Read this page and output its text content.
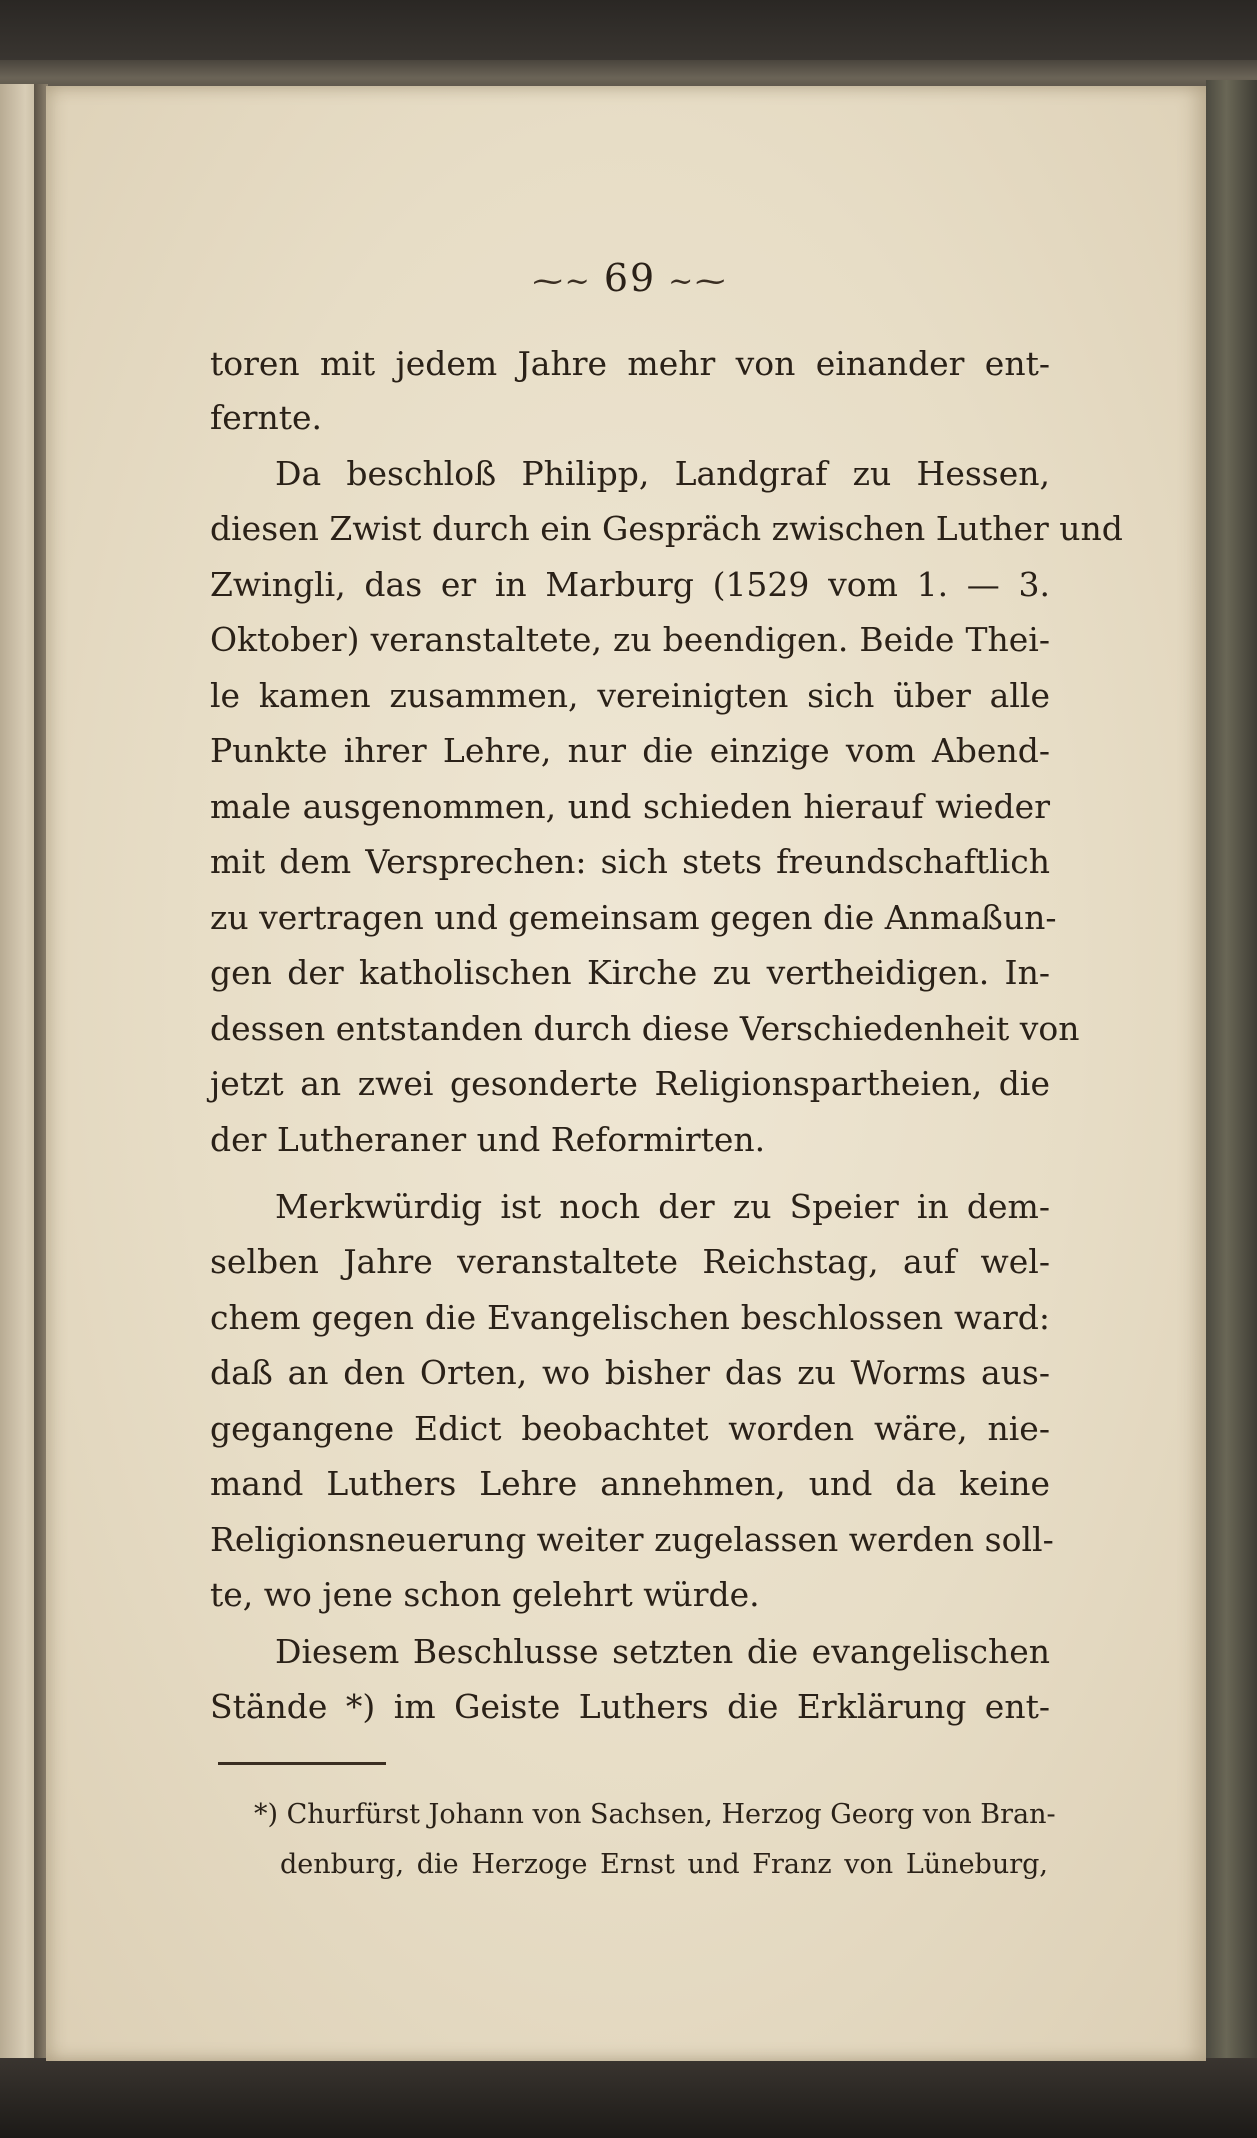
⁓~ 69 ~⁓
toren mit jedem Jahre mehr von einander ent-
fernte.
Da beschloß Philipp, Landgraf zu Hessen,
diesen Zwist durch ein Gespräch zwischen Luther und
Zwingli, das er in Marburg (1529 vom 1. — 3.
Oktober) veranstaltete, zu beendigen. Beide Thei-
le kamen zusammen, vereinigten sich über alle
Punkte ihrer Lehre, nur die einzige vom Abend-
male ausgenommen, und schieden hierauf wieder
mit dem Versprechen: sich stets freundschaftlich
zu vertragen und gemeinsam gegen die Anmaßun-
gen der katholischen Kirche zu vertheidigen. In-
dessen entstanden durch diese Verschiedenheit von
jetzt an zwei gesonderte Religionspartheien, die
der Lutheraner und Reformirten.
Merkwürdig ist noch der zu Speier in dem-
selben Jahre veranstaltete Reichstag, auf wel-
chem gegen die Evangelischen beschlossen ward:
daß an den Orten, wo bisher das zu Worms aus-
gegangene Edict beobachtet worden wäre, nie-
mand Luthers Lehre annehmen, und da keine
Religionsneuerung weiter zugelassen werden soll-
te, wo jene schon gelehrt würde.
Diesem Beschlusse setzten die evangelischen
Stände *) im Geiste Luthers die Erklärung ent-
*) Churfürst Johann von Sachsen, Herzog Georg von Bran-
denburg, die Herzoge Ernst und Franz von Lüneburg,
